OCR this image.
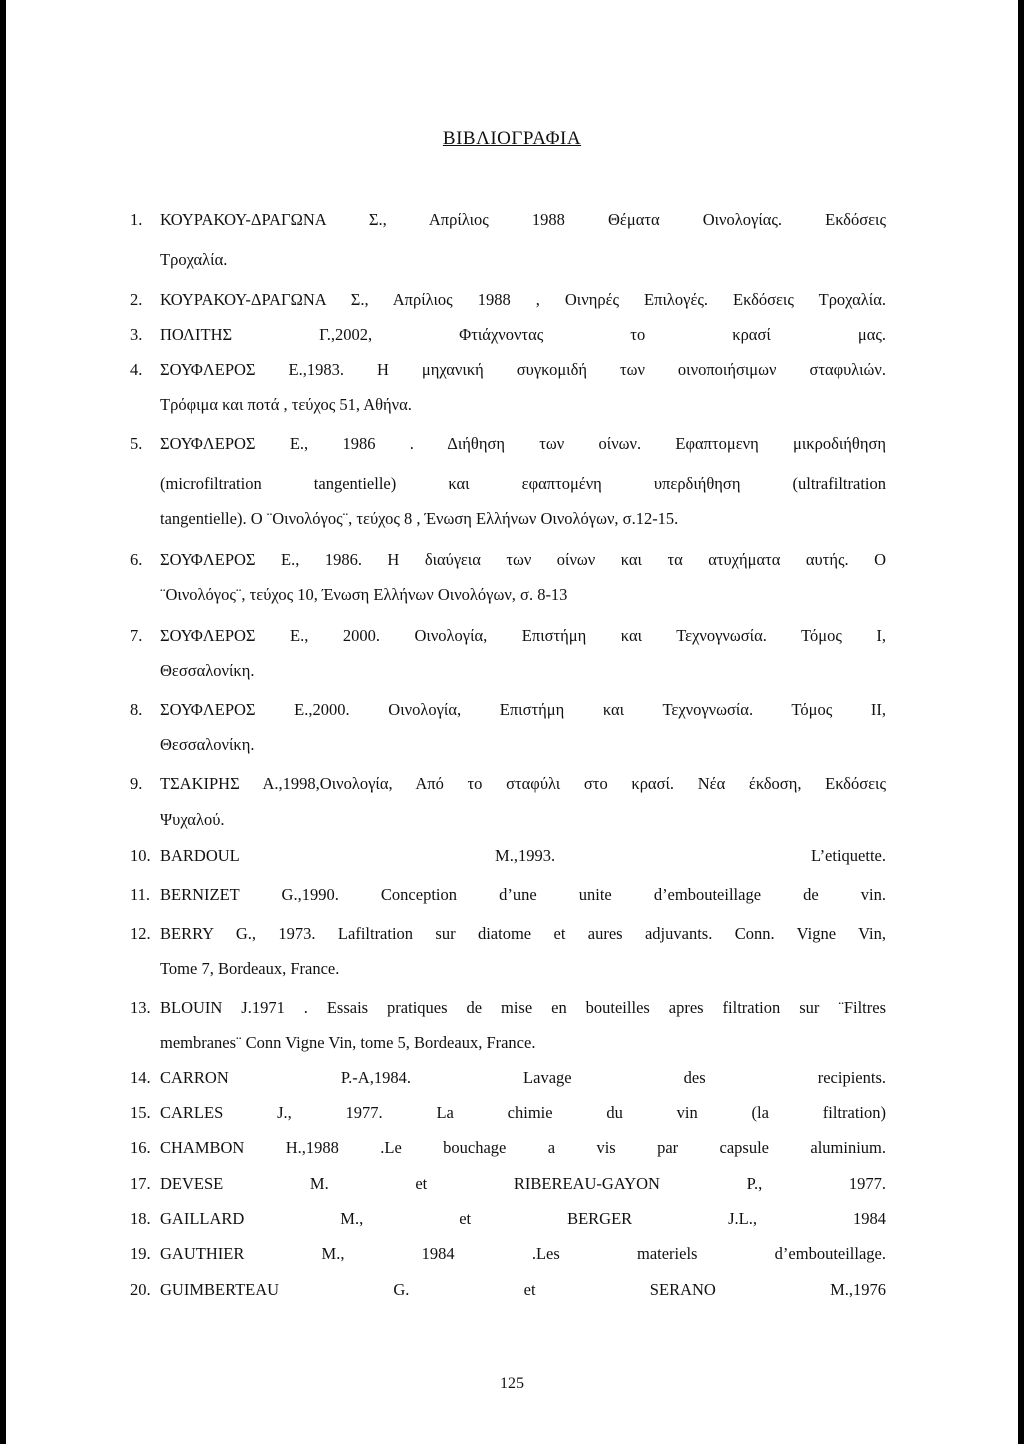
ΒΙΒΛΙΟΓΡΑΦΙΑ
1.	ΚΟΥΡΑΚΟΥ-ΔΡΑΓΩΝΑ Σ., Απρίλιος 1988 Θέματα Οινολογίας. Εκδόσεις
Τροχαλία.
2.	ΚΟΥΡΑΚΟΥ-ΔΡΑΓΩΝΑ Σ., Απρίλιος 1988 , Οινηρές Επιλογές. Εκδόσεις Τροχαλία.
3.	ΠΟΛΙΤΗΣ Γ.,2002, Φτιάχνοντας το κρασί μας.
4.	ΣΟΥΦΛΕΡΟΣ Ε.,1983. Η μηχανική συγκομιδή των οινοποιήσιμων σταφυλιών.
Τρόφιμα και ποτά , τεύχος 51, Αθήνα.
5.	ΣΟΥΦΛΕΡΟΣ Ε., 1986 . Διήθηση των οίνων. Εφαπτομενη μικροδιήθηση
(microfiltration tangentielle) και εφαπτομένη υπερδιήθηση (ultrafiltration
tangentielle). Ο ¨Οινολόγος¨, τεύχος 8 , Ένωση Ελλήνων Οινολόγων, σ.12-15.
6.	ΣΟΥΦΛΕΡΟΣ Ε., 1986. Η διαύγεια των οίνων και τα ατυχήματα αυτής. Ο
¨Οινολόγος¨, τεύχος 10, Ένωση Ελλήνων Οινολόγων, σ. 8-13
7.	ΣΟΥΦΛΕΡΟΣ Ε., 2000. Οινολογία, Επιστήμη και Τεχνογνωσία. Τόμος Ι,
Θεσσαλονίκη.
8.	ΣΟΥΦΛΕΡΟΣ Ε.,2000. Οινολογία, Επιστήμη και Τεχνογνωσία. Τόμος ΙΙ,
Θεσσαλονίκη.
9.	ΤΣΑΚΙΡΗΣ Α.,1998,Οινολογία, Από το σταφύλι στο κρασί. Νέα έκδοση, Εκδόσεις
Ψυχαλού.
10. BARDOUL M.,1993. L’etiquette.
11. BERNIZET G.,1990. Conception d’une unite d’embouteillage de vin.
12. BERRY G., 1973. Lafiltration sur diatome et aures adjuvants. Conn. Vigne Vin,
Tome 7, Bordeaux, France.
13. BLOUIN J.1971 . Essais pratiques de mise en bouteilles apres filtration sur ¨Filtres
membranes¨ Conn Vigne Vin, tome 5, Bordeaux, France.
14. CARRON P.-A,1984. Lavage des recipients.
15. CARLES J., 1977. La chimie du vin (la filtration)
16. CHAMBON H.,1988 .Le bouchage a vis par capsule aluminium.
17. DEVESE M. et RIBEREAU-GAYON P., 1977.
18. GAILLARD M., et BERGER J.L., 1984
19. GAUTHIER M., 1984 .Les materiels d’embouteillage.
20. GUIMBERTEAU G. et SERANO M.,1976
125
